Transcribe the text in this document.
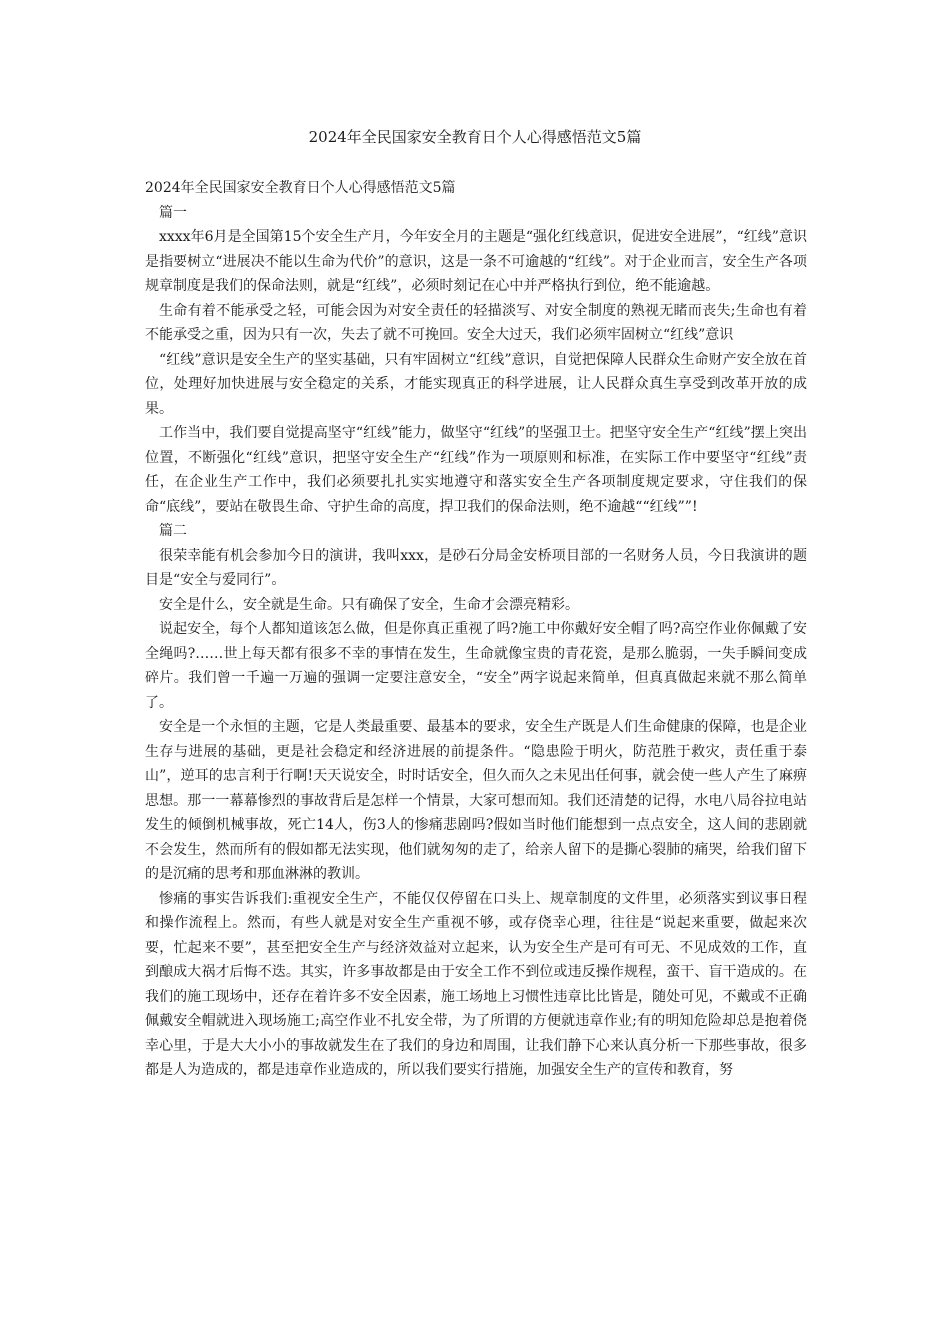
2024年全民国家安全教育日个人心得感悟范文5篇

2024年全民国家安全教育日个人心得感悟范文5篇

篇一

xxxx年6月是全国第15个安全生产月，今年安全月的主题是“强化红线意识，促进安全进展”，“红线”意识是指要树立“进展决不能以生命为代价”的意识，这是一条不可逾越的“红线”。对于企业而言，安全生产各项规章制度是我们的保命法则，就是“红线”，必须时刻记在心中并严格执行到位，绝不能逾越。

生命有着不能承受之轻，可能会因为对安全责任的轻描淡写、对安全制度的熟视无睹而丧失;生命也有着不能承受之重，因为只有一次，失去了就不可挽回。安全大过天，我们必须牢固树立“红线”意识

“红线”意识是安全生产的坚实基础，只有牢固树立“红线”意识，自觉把保障人民群众生命财产安全放在首位，处理好加快进展与安全稳定的关系，才能实现真正的科学进展，让人民群众真生享受到改革开放的成果。

工作当中，我们要自觉提高坚守“红线”能力，做坚守“红线”的坚强卫士。把坚守安全生产“红线”摆上突出位置，不断强化“红线”意识，把坚守安全生产“红线”作为一项原则和标准，在实际工作中要坚守“红线”责任，在企业生产工作中，我们必须要扎扎实实地遵守和落实安全生产各项制度规定要求，守住我们的保命“底线”，要站在敬畏生命、守护生命的高度，捍卫我们的保命法则，绝不逾越““红线””!

篇二

很荣幸能有机会参加今日的演讲，我叫xxx，是砂石分局金安桥项目部的一名财务人员，今日我演讲的题目是“安全与爱同行”。

安全是什么，安全就是生命。只有确保了安全，生命才会漂亮精彩。

说起安全，每个人都知道该怎么做，但是你真正重视了吗?施工中你戴好安全帽了吗?高空作业你佩戴了安全绳吗?……世上每天都有很多不幸的事情在发生，生命就像宝贵的青花瓷，是那么脆弱，一失手瞬间变成碎片。我们曾一千遍一万遍的强调一定要注意安全，“安全”两字说起来简单，但真真做起来就不那么简单了。

安全是一个永恒的主题，它是人类最重要、最基本的要求，安全生产既是人们生命健康的保障，也是企业生存与进展的基础，更是社会稳定和经济进展的前提条件。“隐患险于明火，防范胜于救灾，责任重于泰山”，逆耳的忠言利于行啊!天天说安全，时时话安全，但久而久之未见出任何事，就会使一些人产生了麻痹思想。那一一幕幕惨烈的事故背后是怎样一个情景，大家可想而知。我们还清楚的记得，水电八局谷拉电站发生的倾倒机械事故，死亡14人，伤3人的惨痛悲剧吗?假如当时他们能想到一点点安全，这人间的悲剧就不会发生，然而所有的假如都无法实现，他们就匆匆的走了，给亲人留下的是撕心裂肺的痛哭，给我们留下的是沉痛的思考和那血淋淋的教训。

惨痛的事实告诉我们:重视安全生产，不能仅仅停留在口头上、规章制度的文件里，必须落实到议事日程和操作流程上。然而，有些人就是对安全生产重视不够，或存侥幸心理，往往是“说起来重要，做起来次要，忙起来不要”，甚至把安全生产与经济效益对立起来，认为安全生产是可有可无、不见成效的工作，直到酿成大祸才后悔不迭。其实，许多事故都是由于安全工作不到位或违反操作规程，蛮干、盲干造成的。在我们的施工现场中，还存在着许多不安全因素，施工场地上习惯性违章比比皆是，随处可见，不戴或不正确佩戴安全帽就进入现场施工;高空作业不扎安全带，为了所谓的方便就违章作业;有的明知危险却总是抱着侥幸心里，于是大大小小的事故就发生在了我们的身边和周围，让我们静下心来认真分析一下那些事故，很多都是人为造成的，都是违章作业造成的，所以我们要实行措施，加强安全生产的宣传和教育，努
